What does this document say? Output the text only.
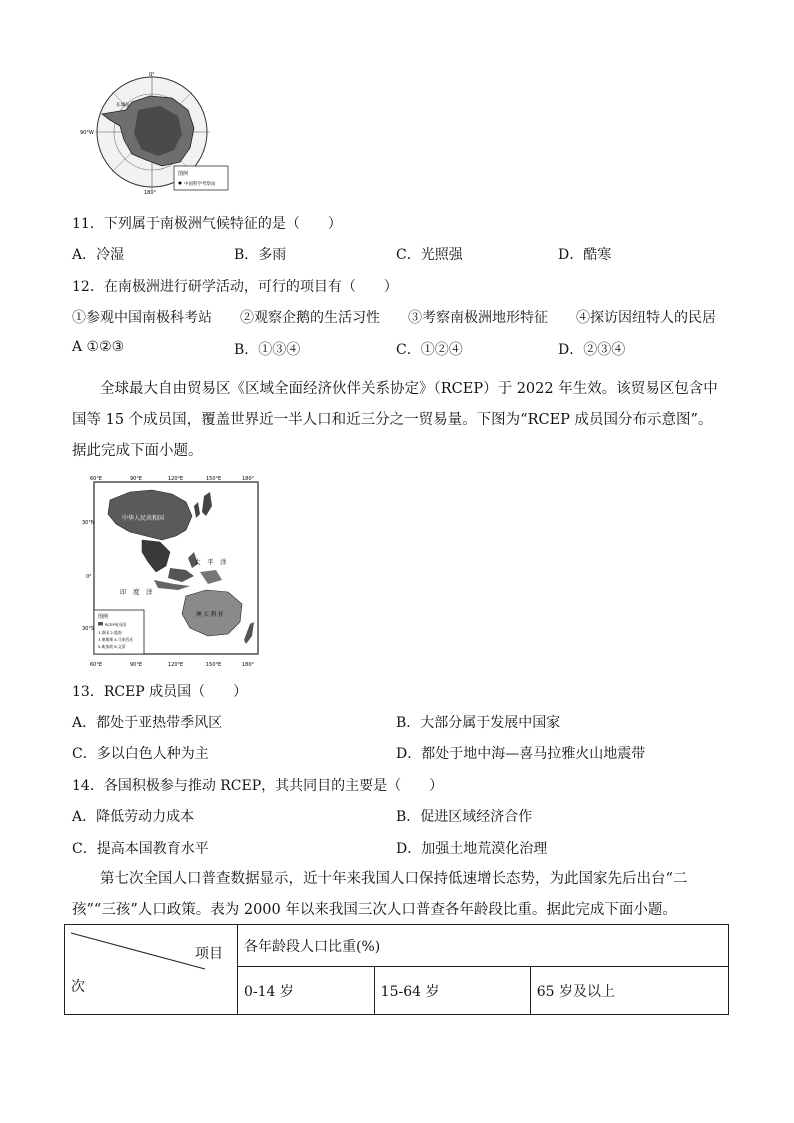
图例
中国科学考察站
0°
90°W
180°
长城站
11．下列属于南极洲气候特征的是（　　）
A．冷湿	B．多雨	C．光照强	D．酷寒
12．在南极洲进行研学活动，可行的项目有（　　）
①参观中国南极科考站 ②观察企鹅的生活习性 ③考察南极洲地形特征 ④探访因纽特人的民居
A ①②③	B．①③④	C．①②④	D．②③④
全球最大自由贸易区《区域全面经济伙伴关系协定》（RCEP）于 2022 年生效。该贸易区包含中国等 15 个成员国，覆盖世界近一半人口和近三分之一贸易量。下图为“RCEP 成员国分布示意图”。据此完成下面小题。
60°E	90°E	120°E	150°E	180°
60°E	90°E	120°E	150°E	180°
30°N
0°
30°S
中华人民共和国
澳 大 利 亚
太　平　洋
印　度　洋
图例
RCEP成员国
1.泰国 2.越南
3.柬埔寨 4.马来西亚
5.新加坡 6.文莱
13．RCEP 成员国（　　）
A．都处于亚热带季风区	B．大部分属于发展中国家
C．多以白色人种为主	D．都处于地中海—喜马拉雅火山地震带
14．各国积极参与推动 RCEP，其共同目的主要是（　　）
A．降低劳动力成本	B．促进区域经济合作
C．提高本国教育水平	D．加强土地荒漠化治理
第七次全国人口普查数据显示，近十年来我国人口保持低速增长态势，为此国家先后出台“二孩”“三孩”人口政策。表为 2000 年以来我国三次人口普查各年龄段比重。据此完成下面小题。
项目
次	各年龄段人口比重(%)		
	0-14 岁	15-64 岁	65 岁及以上
